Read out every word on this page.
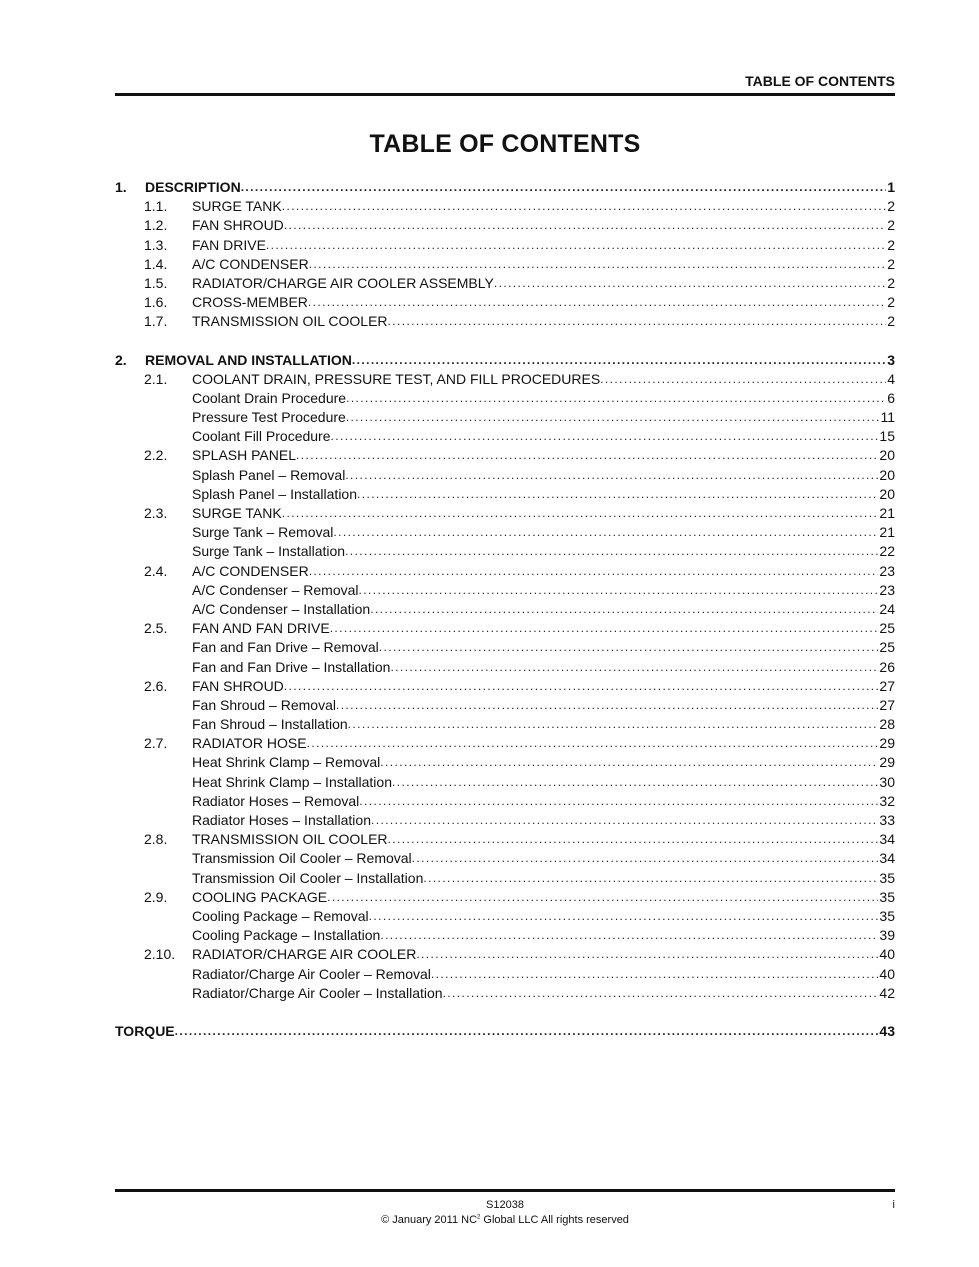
TABLE OF CONTENTS
TABLE OF CONTENTS
1. DESCRIPTION .....	1
1.1. SURGE TANK .....	2
1.2. FAN SHROUD .....	2
1.3. FAN DRIVE .....	2
1.4. A/C CONDENSER .....	2
1.5. RADIATOR/CHARGE AIR COOLER ASSEMBLY .....	2
1.6. CROSS-MEMBER .....	2
1.7. TRANSMISSION OIL COOLER .....	2
2. REMOVAL AND INSTALLATION .....	3
2.1. COOLANT DRAIN, PRESSURE TEST, AND FILL PROCEDURES .....	4
Coolant Drain Procedure .....	6
Pressure Test Procedure .....	11
Coolant Fill Procedure .....	15
2.2. SPLASH PANEL .....	20
Splash Panel – Removal .....	20
Splash Panel – Installation .....	20
2.3. SURGE TANK .....	21
Surge Tank – Removal .....	21
Surge Tank – Installation .....	22
2.4. A/C CONDENSER .....	23
A/C Condenser – Removal .....	23
A/C Condenser – Installation .....	24
2.5. FAN AND FAN DRIVE .....	25
Fan and Fan Drive – Removal .....	25
Fan and Fan Drive – Installation .....	26
2.6. FAN SHROUD .....	27
Fan Shroud – Removal .....	27
Fan Shroud – Installation .....	28
2.7. RADIATOR HOSE .....	29
Heat Shrink Clamp – Removal .....	29
Heat Shrink Clamp – Installation .....	30
Radiator Hoses – Removal .....	32
Radiator Hoses – Installation .....	33
2.8. TRANSMISSION OIL COOLER .....	34
Transmission Oil Cooler – Removal .....	34
Transmission Oil Cooler – Installation .....	35
2.9. COOLING PACKAGE .....	35
Cooling Package – Removal .....	35
Cooling Package – Installation .....	39
2.10. RADIATOR/CHARGE AIR COOLER .....	40
Radiator/Charge Air Cooler – Removal .....	40
Radiator/Charge Air Cooler – Installation .....	42
TORQUE .....	43
S12038	i
© January 2011 $NC^2$ Global LLC All rights reserved
